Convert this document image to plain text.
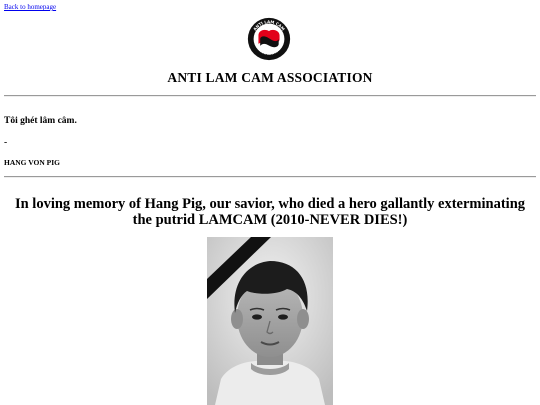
Back to homepage
ANTI LAM CAM
ASSOCIATION
ANTI LAM CAM ASSOCIATION
Tôi ghét lâm câm.
-
HANG VON PIG
In loving memory of Hang Pig, our savior, who died a hero gallantly exterminating the putrid LAMCAM (2010-NEVER DIES!)
